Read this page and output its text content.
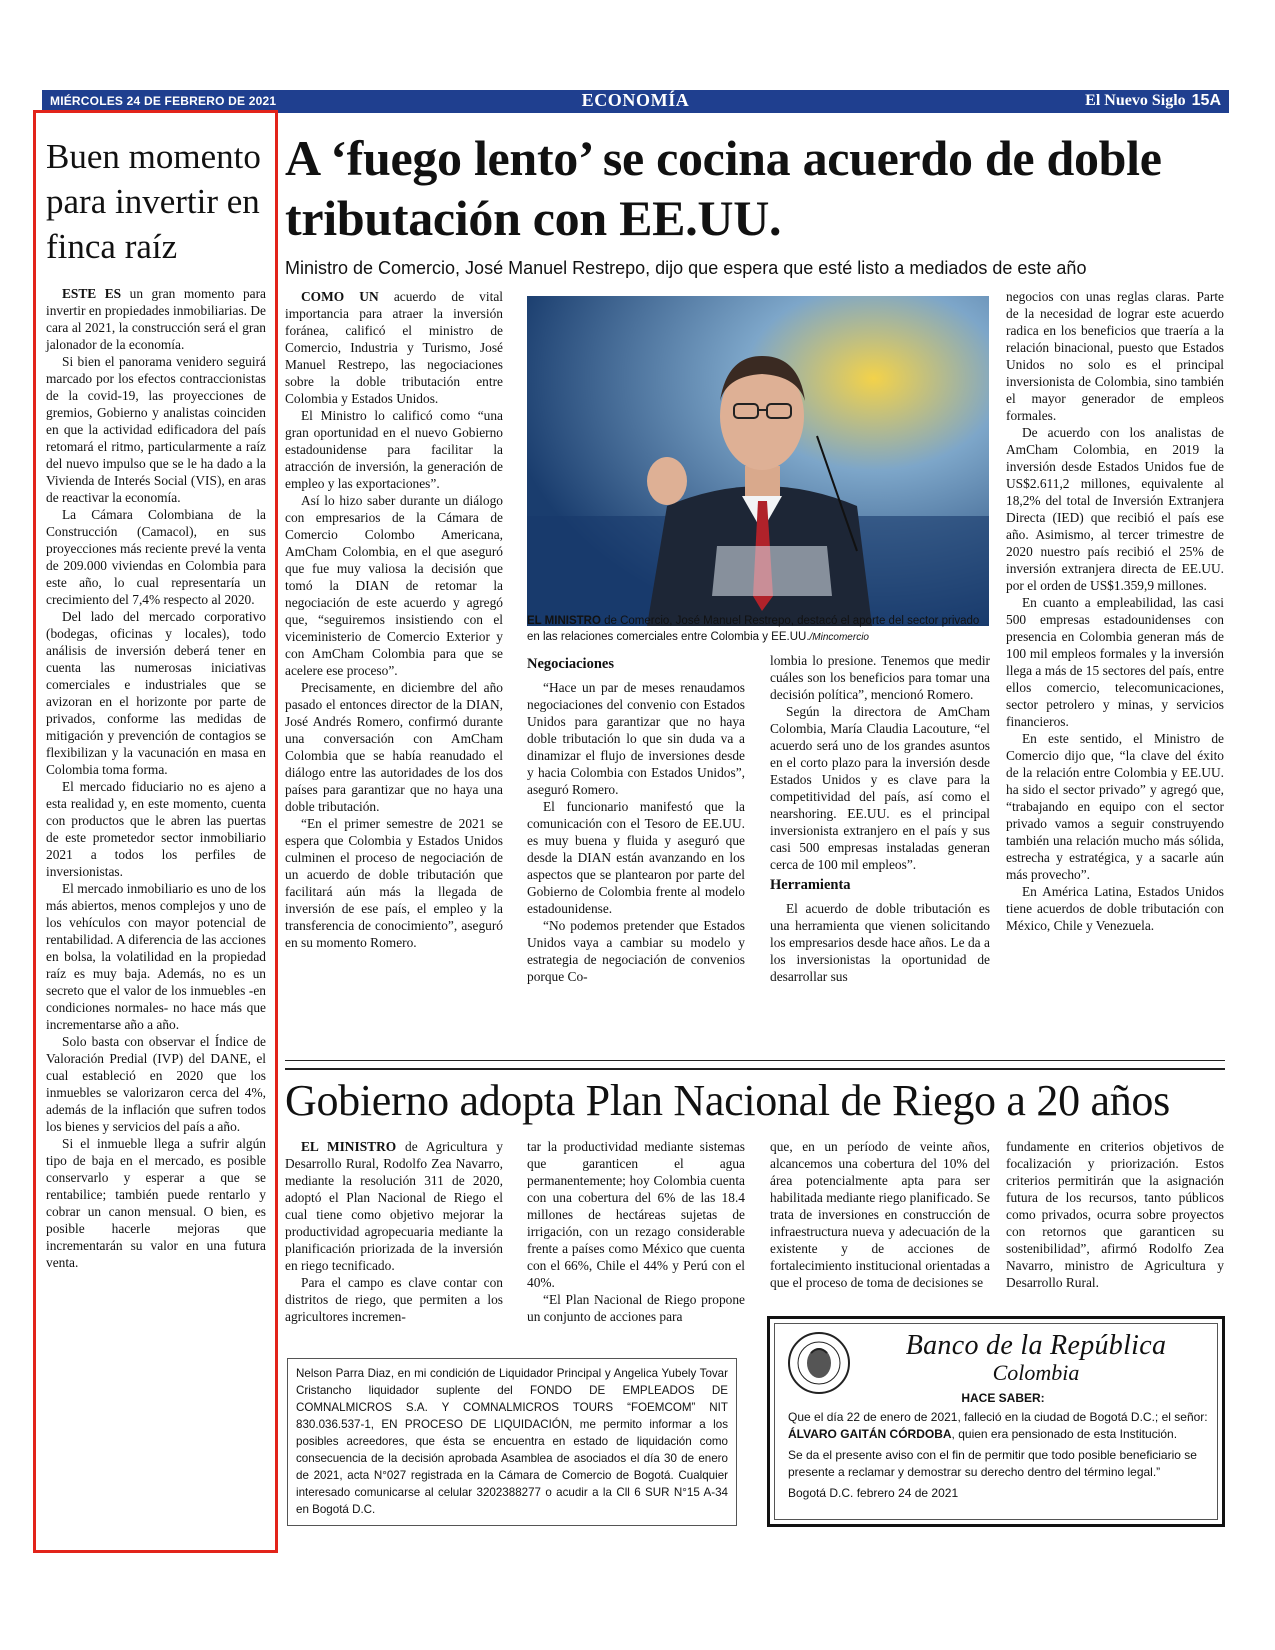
MIÉRCOLES 24 DE FEBRERO DE 2021	ECONOMÍA	El Nuevo Siglo 15A
Buen momento para invertir en finca raíz

ESTE ES un gran momento para invertir en propiedades inmobiliarias. De cara al 2021, la construcción será el gran jalonador de la economía.

Si bien el panorama venidero seguirá marcado por los efectos contraccionistas de la covid-19, las proyecciones de gremios, Gobierno y analistas coinciden en que la actividad edificadora del país retomará el ritmo, particularmente a raíz del nuevo impulso que se le ha dado a la Vivienda de Interés Social (VIS), en aras de reactivar la economía.

La Cámara Colombiana de la Construcción (Camacol), en sus proyecciones más reciente prevé la venta de 209.000 viviendas en Colombia para este año, lo cual representaría un crecimiento del 7,4% respecto al 2020.

Del lado del mercado corporativo (bodegas, oficinas y locales), todo análisis de inversión deberá tener en cuenta las numerosas iniciativas comerciales e industriales que se avizoran en el horizonte por parte de privados, conforme las medidas de mitigación y prevención de contagios se flexibilizan y la vacunación en masa en Colombia toma forma.

El mercado fiduciario no es ajeno a esta realidad y, en este momento, cuenta con productos que le abren las puertas de este prometedor sector inmobiliario 2021 a todos los perfiles de inversionistas.

El mercado inmobiliario es uno de los más abiertos, menos complejos y uno de los vehículos con mayor potencial de rentabilidad. A diferencia de las acciones en bolsa, la volatilidad en la propiedad raíz es muy baja. Además, no es un secreto que el valor de los inmuebles -en condiciones normales- no hace más que incrementarse año a año.

Solo basta con observar el Índice de Valoración Predial (IVP) del DANE, el cual estableció en 2020 que los inmuebles se valorizaron cerca del 4%, además de la inflación que sufren todos los bienes y servicios del país a año.

Si el inmueble llega a sufrir algún tipo de baja en el mercado, es posible conservarlo y esperar a que se rentabilice; también puede rentarlo y cobrar un canon mensual. O bien, es posible hacerle mejoras que incrementarán su valor en una futura venta.

A ‘fuego lento’ se cocina acuerdo de doble tributación con EE.UU.
Ministro de Comercio, José Manuel Restrepo, dijo que espera que esté listo a mediados de este año

COMO UN acuerdo de vital importancia para atraer la inversión foránea, calificó el ministro de Comercio, Industria y Turismo, José Manuel Restrepo, las negociaciones sobre la doble tributación entre Colombia y Estados Unidos.

El Ministro lo calificó como “una gran oportunidad en el nuevo Gobierno estadounidense para facilitar la atracción de inversión, la generación de empleo y las exportaciones”.

Así lo hizo saber durante un diálogo con empresarios de la Cámara de Comercio Colombo Americana, AmCham Colombia, en el que aseguró que fue muy valiosa la decisión que tomó la DIAN de retomar la negociación de este acuerdo y agregó que, “seguiremos insistiendo con el viceministerio de Comercio Exterior y con AmCham Colombia para que se acelere ese proceso”.

Precisamente, en diciembre del año pasado el entonces director de la DIAN, José Andrés Romero, confirmó durante una conversación con AmCham Colombia que se había reanudado el diálogo entre las autoridades de los dos países para garantizar que no haya una doble tributación.

“En el primer semestre de 2021 se espera que Colombia y Estados Unidos culminen el proceso de negociación de un acuerdo de doble tributación que facilitará aún más la llegada de inversión de ese país, el empleo y la transferencia de conocimiento”, aseguró en su momento Romero.

EL MINISTRO de Comercio, José Manuel Restrepo, destacó el aporte del sector privado en las relaciones comerciales entre Colombia y EE.UU./Mincomercio
Negociaciones

“Hace un par de meses renaudamos negociaciones del convenio con Estados Unidos para garantizar que no haya doble tributación lo que sin duda va a dinamizar el flujo de inversiones desde y hacia Colombia con Estados Unidos”, aseguró Romero.

El funcionario manifestó que la comunicación con el Tesoro de EE.UU. es muy buena y fluida y aseguró que desde la DIAN están avanzando en los aspectos que se plantearon por parte del Gobierno de Colombia frente al modelo estadounidense.

“No podemos pretender que Estados Unidos vaya a cambiar su modelo y estrategia de negociación de convenios porque Co-

lombia lo presione. Tenemos que medir cuáles son los beneficios para tomar una decisión política”, mencionó Romero.

Según la directora de AmCham Colombia, María Claudia Lacouture, “el acuerdo será uno de los grandes asuntos en el corto plazo para la inversión desde Estados Unidos y es clave para la competitividad del país, así como el nearshoring. EE.UU. es el principal inversionista extranjero en el país y sus casi 500 empresas instaladas generan cerca de 100 mil empleos”.

Herramienta

El acuerdo de doble tributación es una herramienta que vienen solicitando los empresarios desde hace años. Le da a los inversionistas la oportunidad de desarrollar sus

negocios con unas reglas claras. Parte de la necesidad de lograr este acuerdo radica en los beneficios que traería a la relación binacional, puesto que Estados Unidos no solo es el principal inversionista de Colombia, sino también el mayor generador de empleos formales.

De acuerdo con los analistas de AmCham Colombia, en 2019 la inversión desde Estados Unidos fue de US$2.611,2 millones, equivalente al 18,2% del total de Inversión Extranjera Directa (IED) que recibió el país ese año. Asimismo, al tercer trimestre de 2020 nuestro país recibió el 25% de inversión extranjera directa de EE.UU. por el orden de US$1.359,9 millones.

En cuanto a empleabilidad, las casi 500 empresas estadounidenses con presencia en Colombia generan más de 100 mil empleos formales y la inversión llega a más de 15 sectores del país, entre ellos comercio, telecomunicaciones, sector petrolero y minas, y servicios financieros.

En este sentido, el Ministro de Comercio dijo que, “la clave del éxito de la relación entre Colombia y EE.UU. ha sido el sector privado” y agregó que, “trabajando en equipo con el sector privado vamos a seguir construyendo también una relación mucho más sólida, estrecha y estratégica, y a sacarle aún más provecho”.

En América Latina, Estados Unidos tiene acuerdos de doble tributación con México, Chile y Venezuela.

Gobierno adopta Plan Nacional de Riego a 20 años

EL MINISTRO de Agricultura y Desarrollo Rural, Rodolfo Zea Navarro, mediante la resolución 311 de 2020, adoptó el Plan Nacional de Riego el cual tiene como objetivo mejorar la productividad agropecuaria mediante la planificación priorizada de la inversión en riego tecnificado.

Para el campo es clave contar con distritos de riego, que permiten a los agricultores incremen-

tar la productividad mediante sistemas que garanticen el agua permanentemente; hoy Colombia cuenta con una cobertura del 6% de las 18.4 millones de hectáreas sujetas de irrigación, con un rezago considerable frente a países como México que cuenta con el 66%, Chile el 44% y Perú con el 40%.

“El Plan Nacional de Riego propone un conjunto de acciones para

que, en un período de veinte años, alcancemos una cobertura del 10% del área potencialmente apta para ser habilitada mediante riego planificado. Se trata de inversiones en construcción de infraestructura nueva y adecuación de la existente y de acciones de fortalecimiento institucional orientadas a que el proceso de toma de decisiones se

fundamente en criterios objetivos de focalización y priorización. Estos criterios permitirán que la asignación futura de los recursos, tanto públicos como privados, ocurra sobre proyectos con retornos que garanticen su sostenibilidad”, afirmó Rodolfo Zea Navarro, ministro de Agricultura y Desarrollo Rural.

Nelson Parra Diaz, en mi condición de Liquidador Principal y Angelica Yubely Tovar Cristancho liquidador suplente del FONDO DE EMPLEADOS DE COMNALMICROS S.A. Y COMNALMICROS TOURS “FOEMCOM” NIT 830.036.537-1, EN PROCESO DE LIQUIDACIÓN, me permito informar a los posibles acreedores, que ésta se encuentra en estado de liquidación como consecuencia de la decisión aprobada Asamblea de asociados el día 30 de enero de 2021, acta N°027 registrada en la Cámara de Comercio de Bogotá. Cualquier interesado comunicarse al celular 3202388277 o acudir a la Cll 6 SUR N°15 A-34 en Bogotá D.C.
Banco de la República
Colombia
HACE SABER:

Que el día 22 de enero de 2021, falleció en la ciudad de Bogotá D.C.; el señor: ÁLVARO GAITÁN CÓRDOBA, quien era pensionado de esta Institución.

Se da el presente aviso con el fin de permitir que todo posible beneficiario se presente a reclamar y demostrar su derecho dentro del término legal.”

Bogotá D.C. febrero 24 de 2021
